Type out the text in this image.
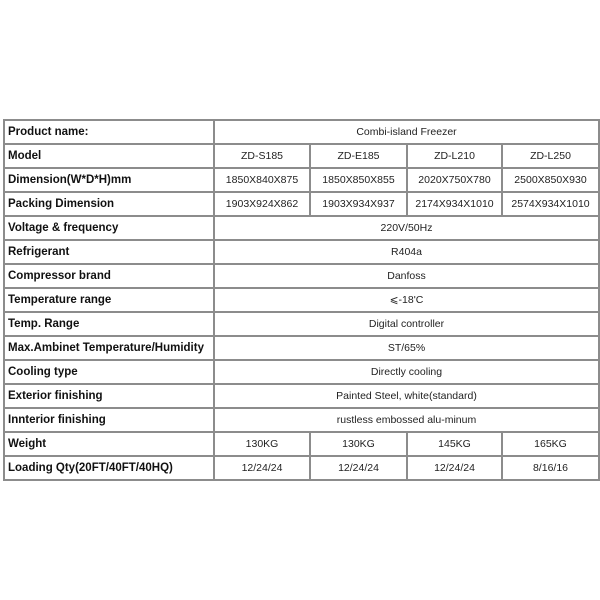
Product name:	Combi-island Freezer			
Model	ZD-S185	ZD-E185	ZD-L210	ZD-L250
Dimension(W*D*H)mm	1850X840X875	1850X850X855	2020X750X780	2500X850X930
Packing Dimension	1903X924X862	1903X934X937	2174X934X1010	2574X934X1010
Voltage & frequency	220V/50Hz			
Refrigerant	R404a			
Compressor brand	Danfoss			
Temperature range	⩽-18'C			
Temp. Range	Digital controller			
Max.Ambinet Temperature/Humidity	ST/65%			
Cooling type	Directly cooling			
Exterior finishing	Painted Steel, white(standard)			
Innterior finishing	rustless embossed alu-minum			
Weight	130KG	130KG	145KG	165KG
Loading Qty(20FT/40FT/40HQ)	12/24/24	12/24/24	12/24/24	8/16/16
